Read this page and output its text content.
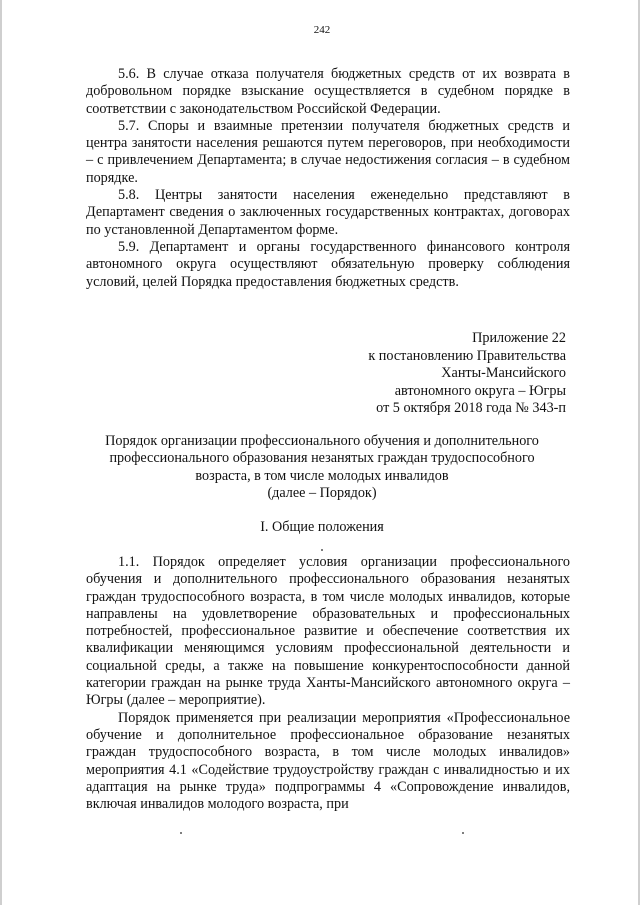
242

5.6. В случае отказа получателя бюджетных средств от их возврата в добровольном порядке взыскание осуществляется в судебном порядке в соответствии с законодательством Российской Федерации.

5.7. Споры и взаимные претензии получателя бюджетных средств и центра занятости населения решаются путем переговоров, при необходимости – с привлечением Департамента; в случае недостижения согласия – в судебном порядке.

5.8. Центры занятости населения еженедельно представляют в Департамент сведения о заключенных государственных контрактах, договорах по установленной Департаментом форме.

5.9. Департамент и органы государственного финансового контроля автономного округа осуществляют обязательную проверку соблюдения условий, целей Порядка предоставления бюджетных средств.

Приложение 22
к постановлению Правительства
Ханты-Мансийского
автономного округа – Югры
от 5 октября 2018 года № 343-п
Порядок организации профессионального обучения и дополнительного
профессионального образования незанятых граждан трудоспособного
возраста, в том числе молодых инвалидов
(далее – Порядок)
I. Общие положения

1.1. Порядок определяет условия организации профессионального обучения и дополнительного профессионального образования незанятых граждан трудоспособного возраста, в том числе молодых инвалидов, которые направлены на удовлетворение образовательных и профессиональных потребностей, профессиональное развитие и обеспечение соответствия их квалификации меняющимся условиям профессиональной деятельности и социальной среды, а также на повышение конкурентоспособности данной категории граждан на рынке труда Ханты-Мансийского автономного округа – Югры (далее – мероприятие).

Порядок применяется при реализации мероприятия «Профессиональное обучение и дополнительное профессиональное образование незанятых граждан трудоспособного возраста, в том числе молодых инвалидов» мероприятия 4.1 «Содействие трудоустройству граждан с инвалидностью и их адаптация на рынке труда» подпрограммы 4 «Сопровождение инвалидов, включая инвалидов молодого возраста, при
